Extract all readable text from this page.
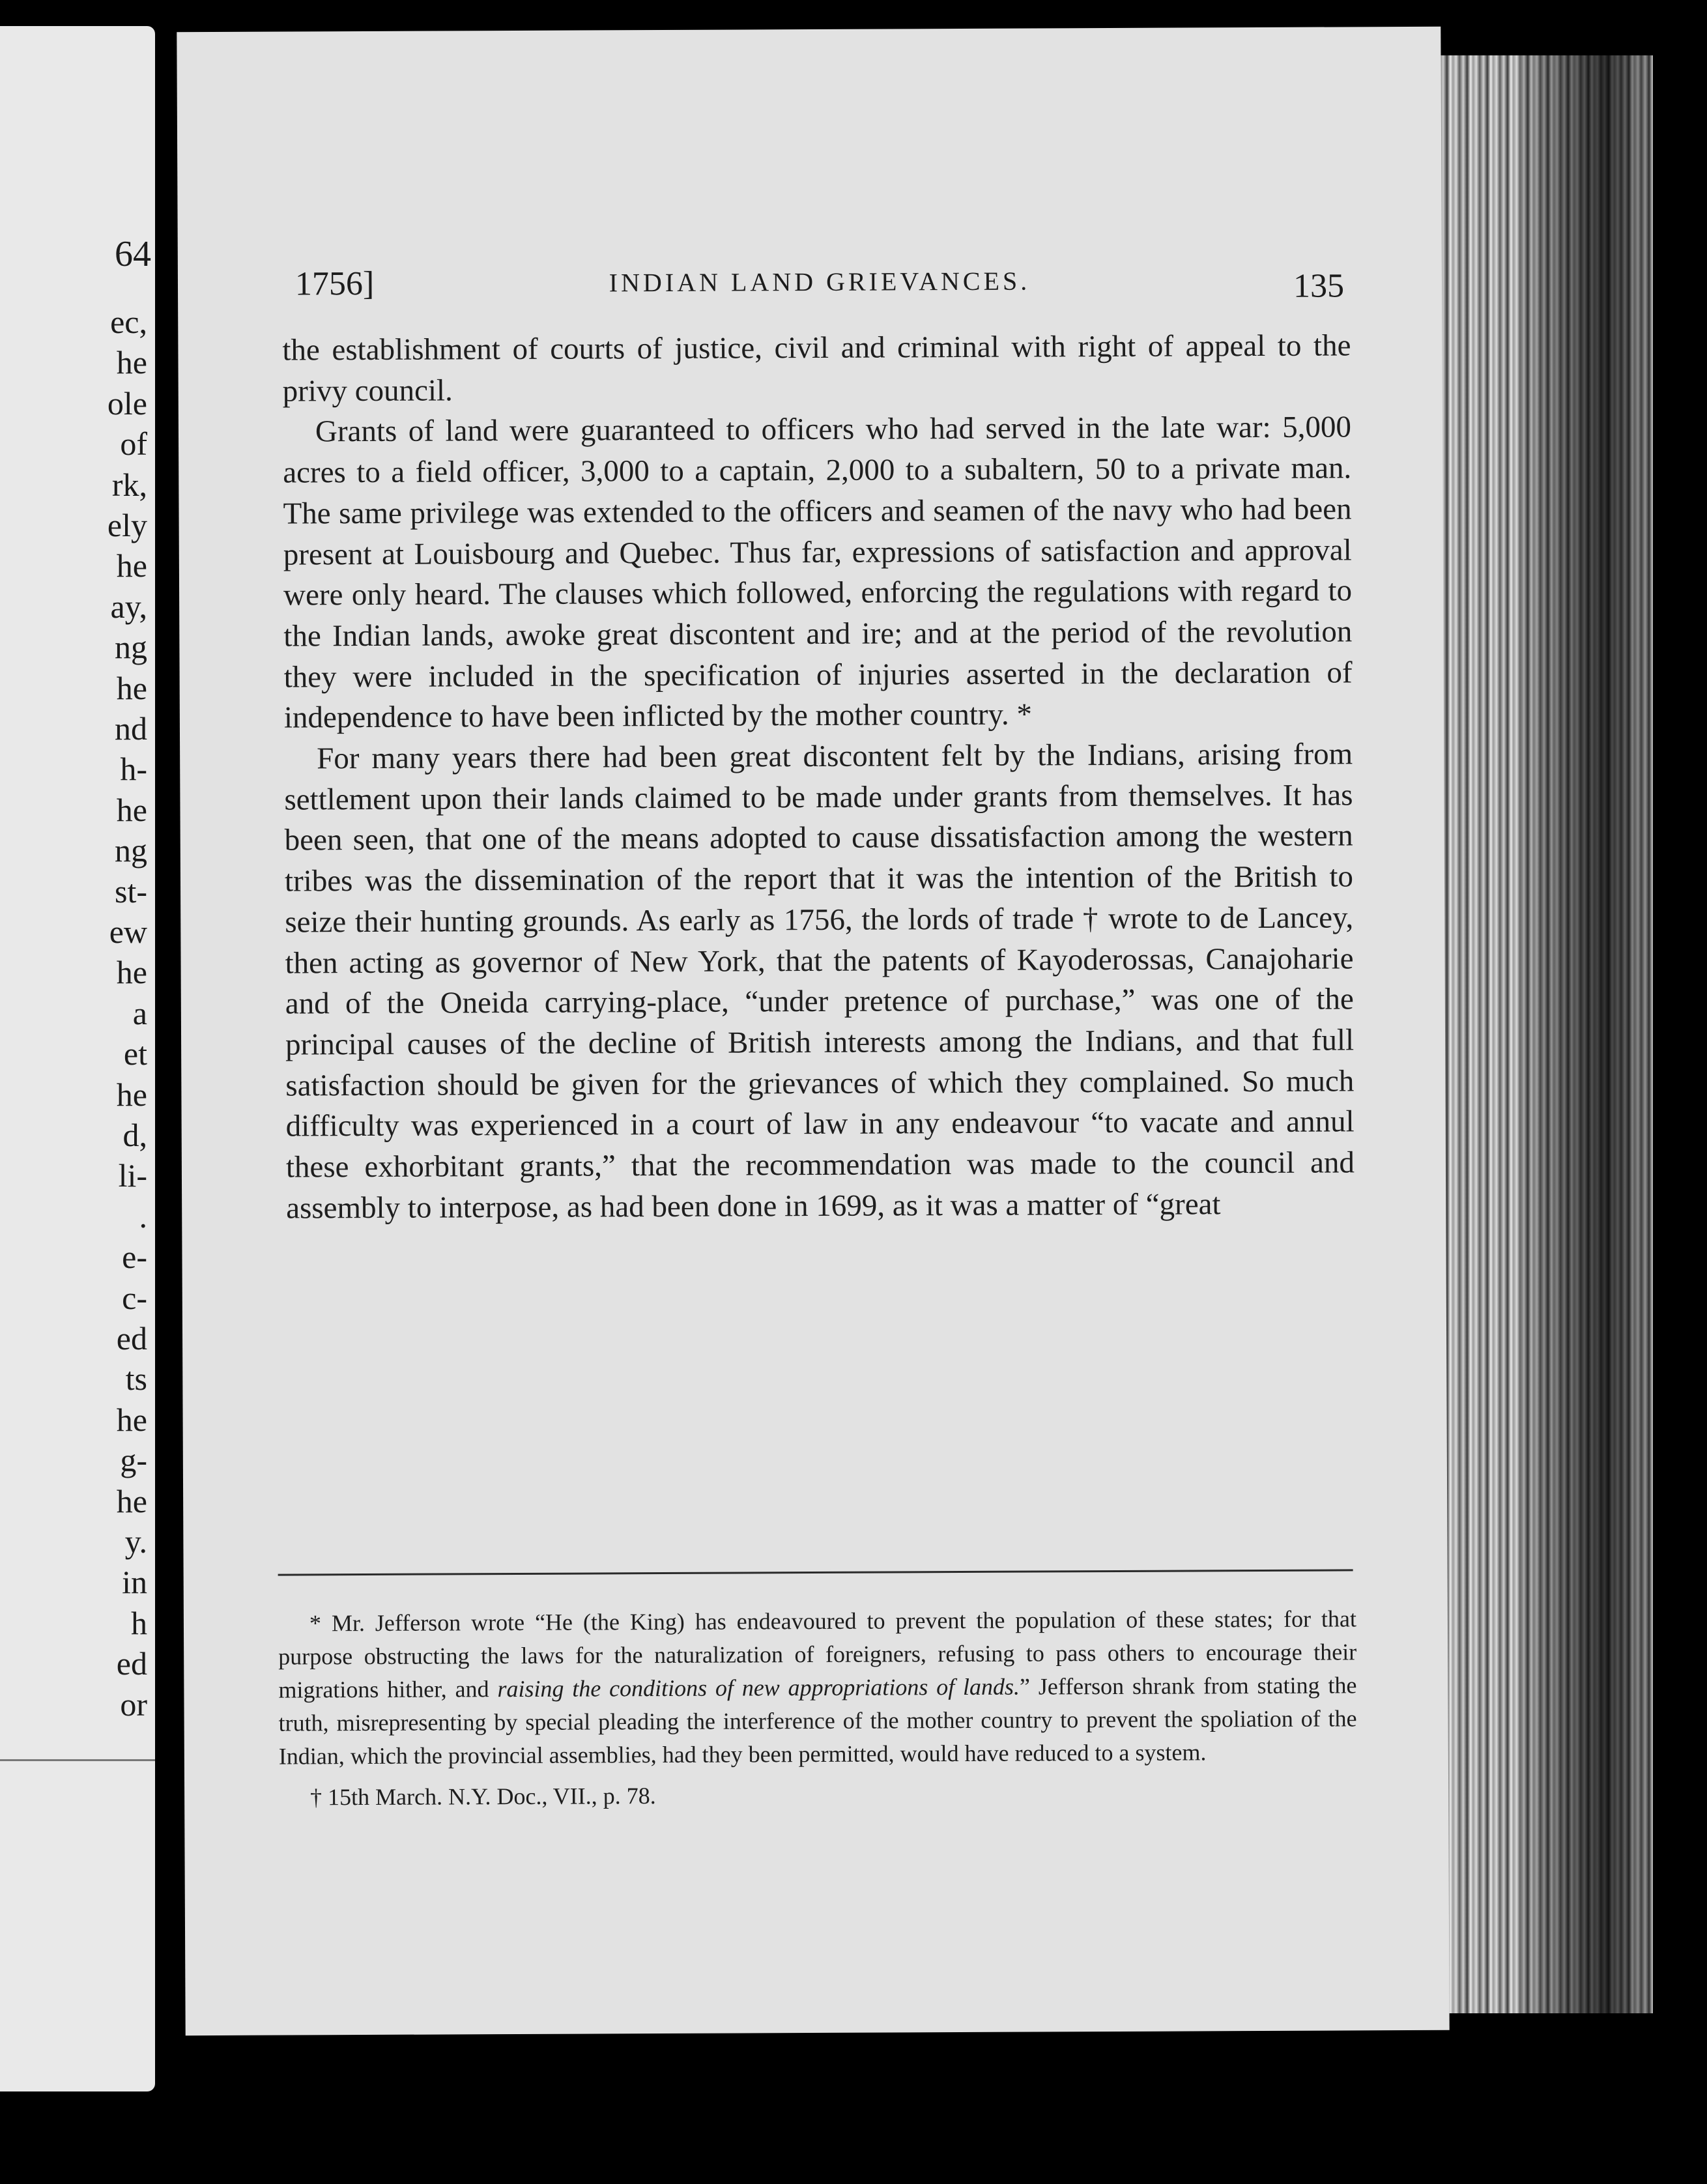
64
ec,
he
ole
of
rk,
ely
he
ay,
ng
he
nd
h-
he
ng
st-
ew
he
a
et
he
d,
li-
.
e-
c-
ed
ts
he
g-
he
y.
in
h
ed
or
1756]	INDIAN LAND GRIEVANCES.	135

the establishment of courts of justice, civil and criminal with right of appeal to the privy council.

Grants of land were guaranteed to officers who had served in the late war: 5,000 acres to a field officer, 3,000 to a captain, 2,000 to a subaltern, 50 to a private man. The same privilege was extended to the officers and seamen of the navy who had been present at Louisbourg and Quebec. Thus far, expressions of satisfaction and approval were only heard. The clauses which followed, enforcing the regulations with regard to the Indian lands, awoke great discontent and ire; and at the period of the revolution they were included in the specification of injuries asserted in the declaration of independence to have been inflicted by the mother country. *

For many years there had been great discontent felt by the Indians, arising from settlement upon their lands claimed to be made under grants from themselves. It has been seen, that one of the means adopted to cause dissatisfaction among the western tribes was the dissemination of the report that it was the intention of the British to seize their hunting grounds. As early as 1756, the lords of trade † wrote to de Lancey, then acting as governor of New York, that the patents of Kayoderossas, Canajoharie and of the Oneida carrying-place, “under pretence of purchase,” was one of the principal causes of the decline of British interests among the Indians, and that full satisfaction should be given for the grievances of which they complained. So much difficulty was experienced in a court of law in any endeavour “to vacate and annul these exhorbitant grants,” that the recommendation was made to the council and assembly to interpose, as had been done in 1699, as it was a matter of “great

* Mr. Jefferson wrote “He (the King) has endeavoured to prevent the population of these states; for that purpose obstructing the laws for the naturalization of foreigners, refusing to pass others to encourage their migrations hither, and raising the conditions of new appropriations of lands.” Jefferson shrank from stating the truth, misrepresenting by special pleading the interference of the mother country to prevent the spoliation of the Indian, which the provincial assemblies, had they been permitted, would have reduced to a system.

† 15th March. N.Y. Doc., VII., p. 78.
